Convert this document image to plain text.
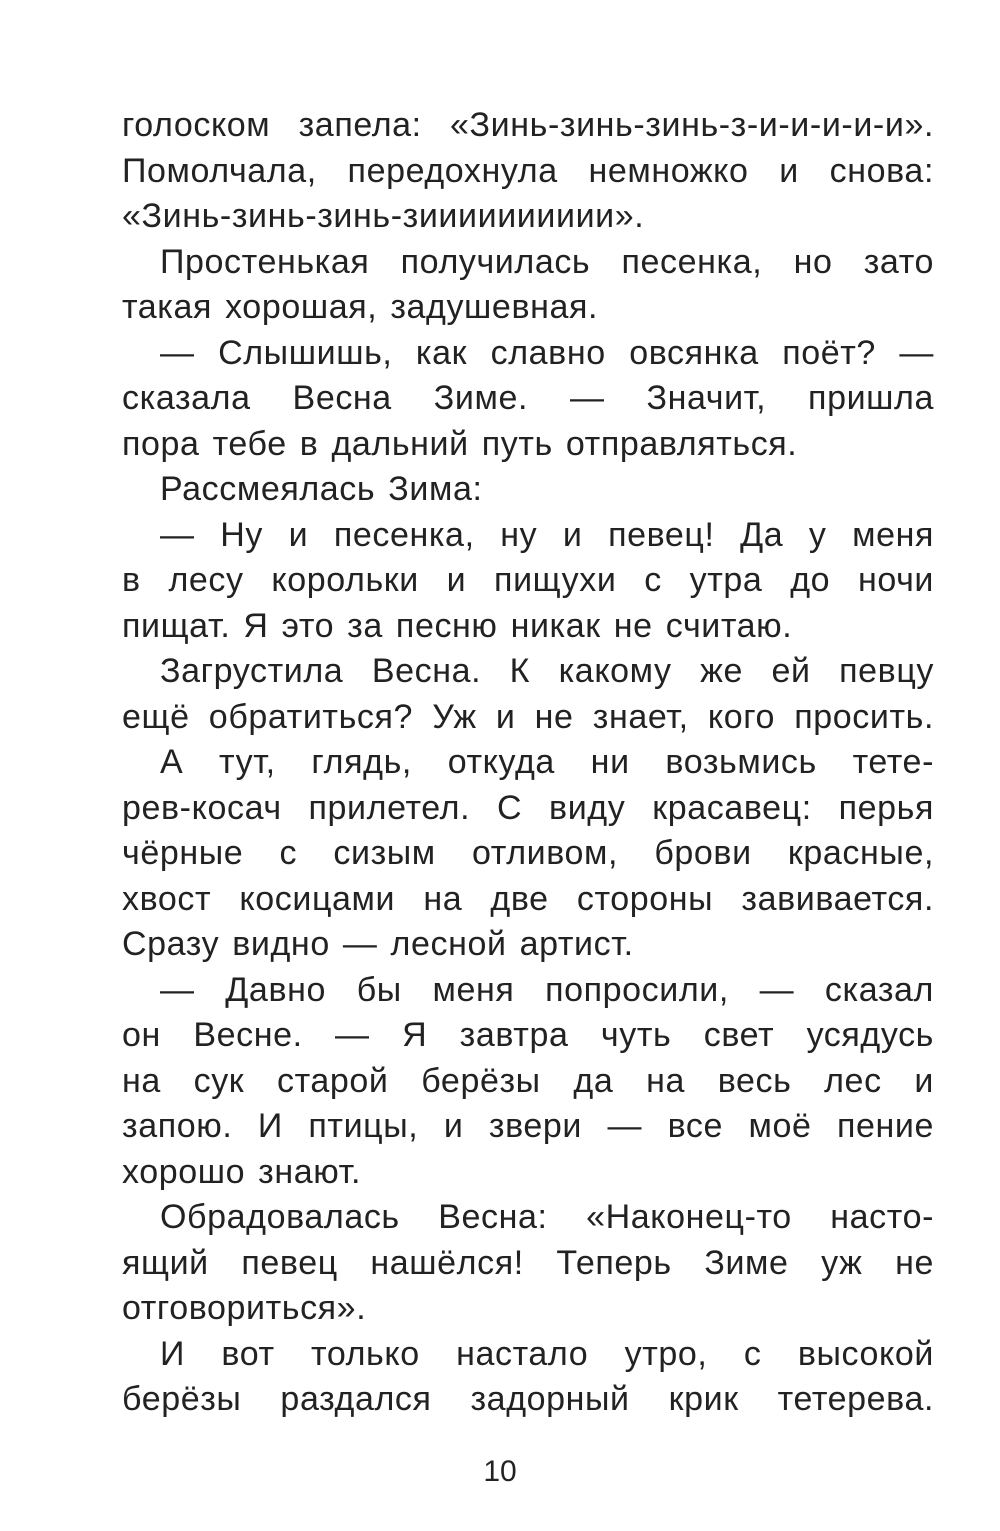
голоском запела: «Зинь-зинь-зинь-з-и-и-и-и-и».
Помолчала, передохнула немножко и снова:
«Зинь-зинь-зинь-зииииииииии».
Простенькая получилась песенка, но зато
такая хорошая, задушевная.
— Слышишь, как славно овсянка поёт? —
сказала Весна Зиме. — Значит, пришла
пора тебе в дальний путь отправляться.
Рассмеялась Зима:
— Ну и песенка, ну и певец! Да у меня
в лесу корольки и пищухи с утра до ночи
пищат. Я это за песню никак не считаю.
Загрустила Весна. К какому же ей певцу
ещё обратиться? Уж и не знает, кого просить.
А тут, глядь, откуда ни возьмись тете-
рев-косач прилетел. С виду красавец: перья
чёрные с сизым отливом, брови красные,
хвост косицами на две стороны завивается.
Сразу видно — лесной артист.
— Давно бы меня попросили, — сказал
он Весне. — Я завтра чуть свет усядусь
на сук старой берёзы да на весь лес и
запою. И птицы, и звери — все моё пение
хорошо знают.
Обрадовалась Весна: «Наконец-то насто-
ящий певец нашёлся! Теперь Зиме уж не
отговориться».
И вот только настало утро, с высокой
берёзы раздался задорный крик тетерева.
10
